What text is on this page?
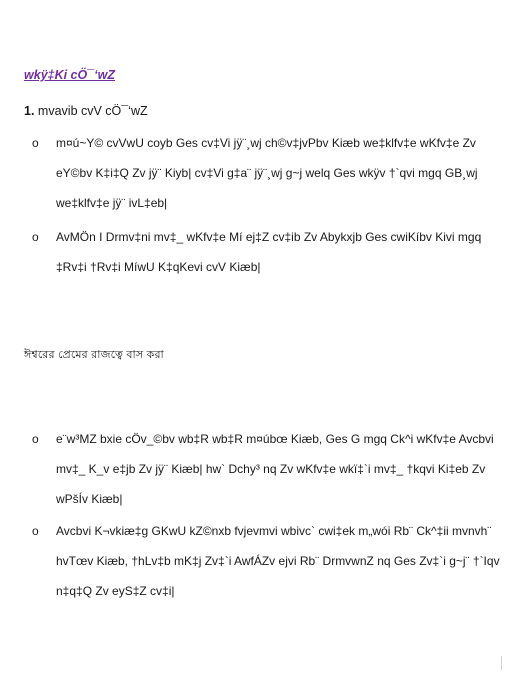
wkÿ‡Ki cÖ¯‘wZ
1. mvavib cvV cÖ¯‘wZ
o m¤ú~Y© cvVwU coyb Ges cv‡Vi jÿ¨¸wj ch©v‡jvPbv Kiæb we‡klfv‡e wKfv‡e Zv eY©bv K‡i‡Q Zv jÿ¨ Kiyb| cv‡Vi g‡a¨ jÿ¨¸wj g~j welq Ges wkÿv †`qvi mgq GB¸wj we‡klfv‡e jÿ¨ ivL‡eb|
o AvMÖn I Drmv‡ni mv‡_ wKfv‡e Mí ej‡Z cv‡ib Zv Abykxjb Ges cwiKíbv Kivi mgq ‡Rv‡i †Rv‡i MíwU K‡qKevi cvV Kiæb|
ঈশ্বরের প্রেমের রাজত্বে বাস করা
o e¨w³MZ bxie cÖv_©bv wb‡R wb‡R m¤úbœ Kiæb, Ges G mgq Ck^i wKfv‡e Avcbvi mv‡_ K_v e‡jb Zv jÿ¨ Kiæb| hw` Dchy³ nq Zv wKfv‡e wkï‡`i mv‡_ †kqvi Ki‡eb Zv wPšÍv Kiæb|
o Avcbvi K¬vkiæ‡g GKwU kZ©nxb fvjevmvi wbivc` cwi‡ek m„wói Rb¨ Ck^‡ii mvnvh¨ hvTœv Kiæb, †hLv‡b mK‡j Zv‡`i AwfÁZv ejvi Rb¨ DrmvwnZ nq Ges Zv‡`i g~j¨ †`Iqv n‡q‡Q Zv eyS‡Z cv‡i|
